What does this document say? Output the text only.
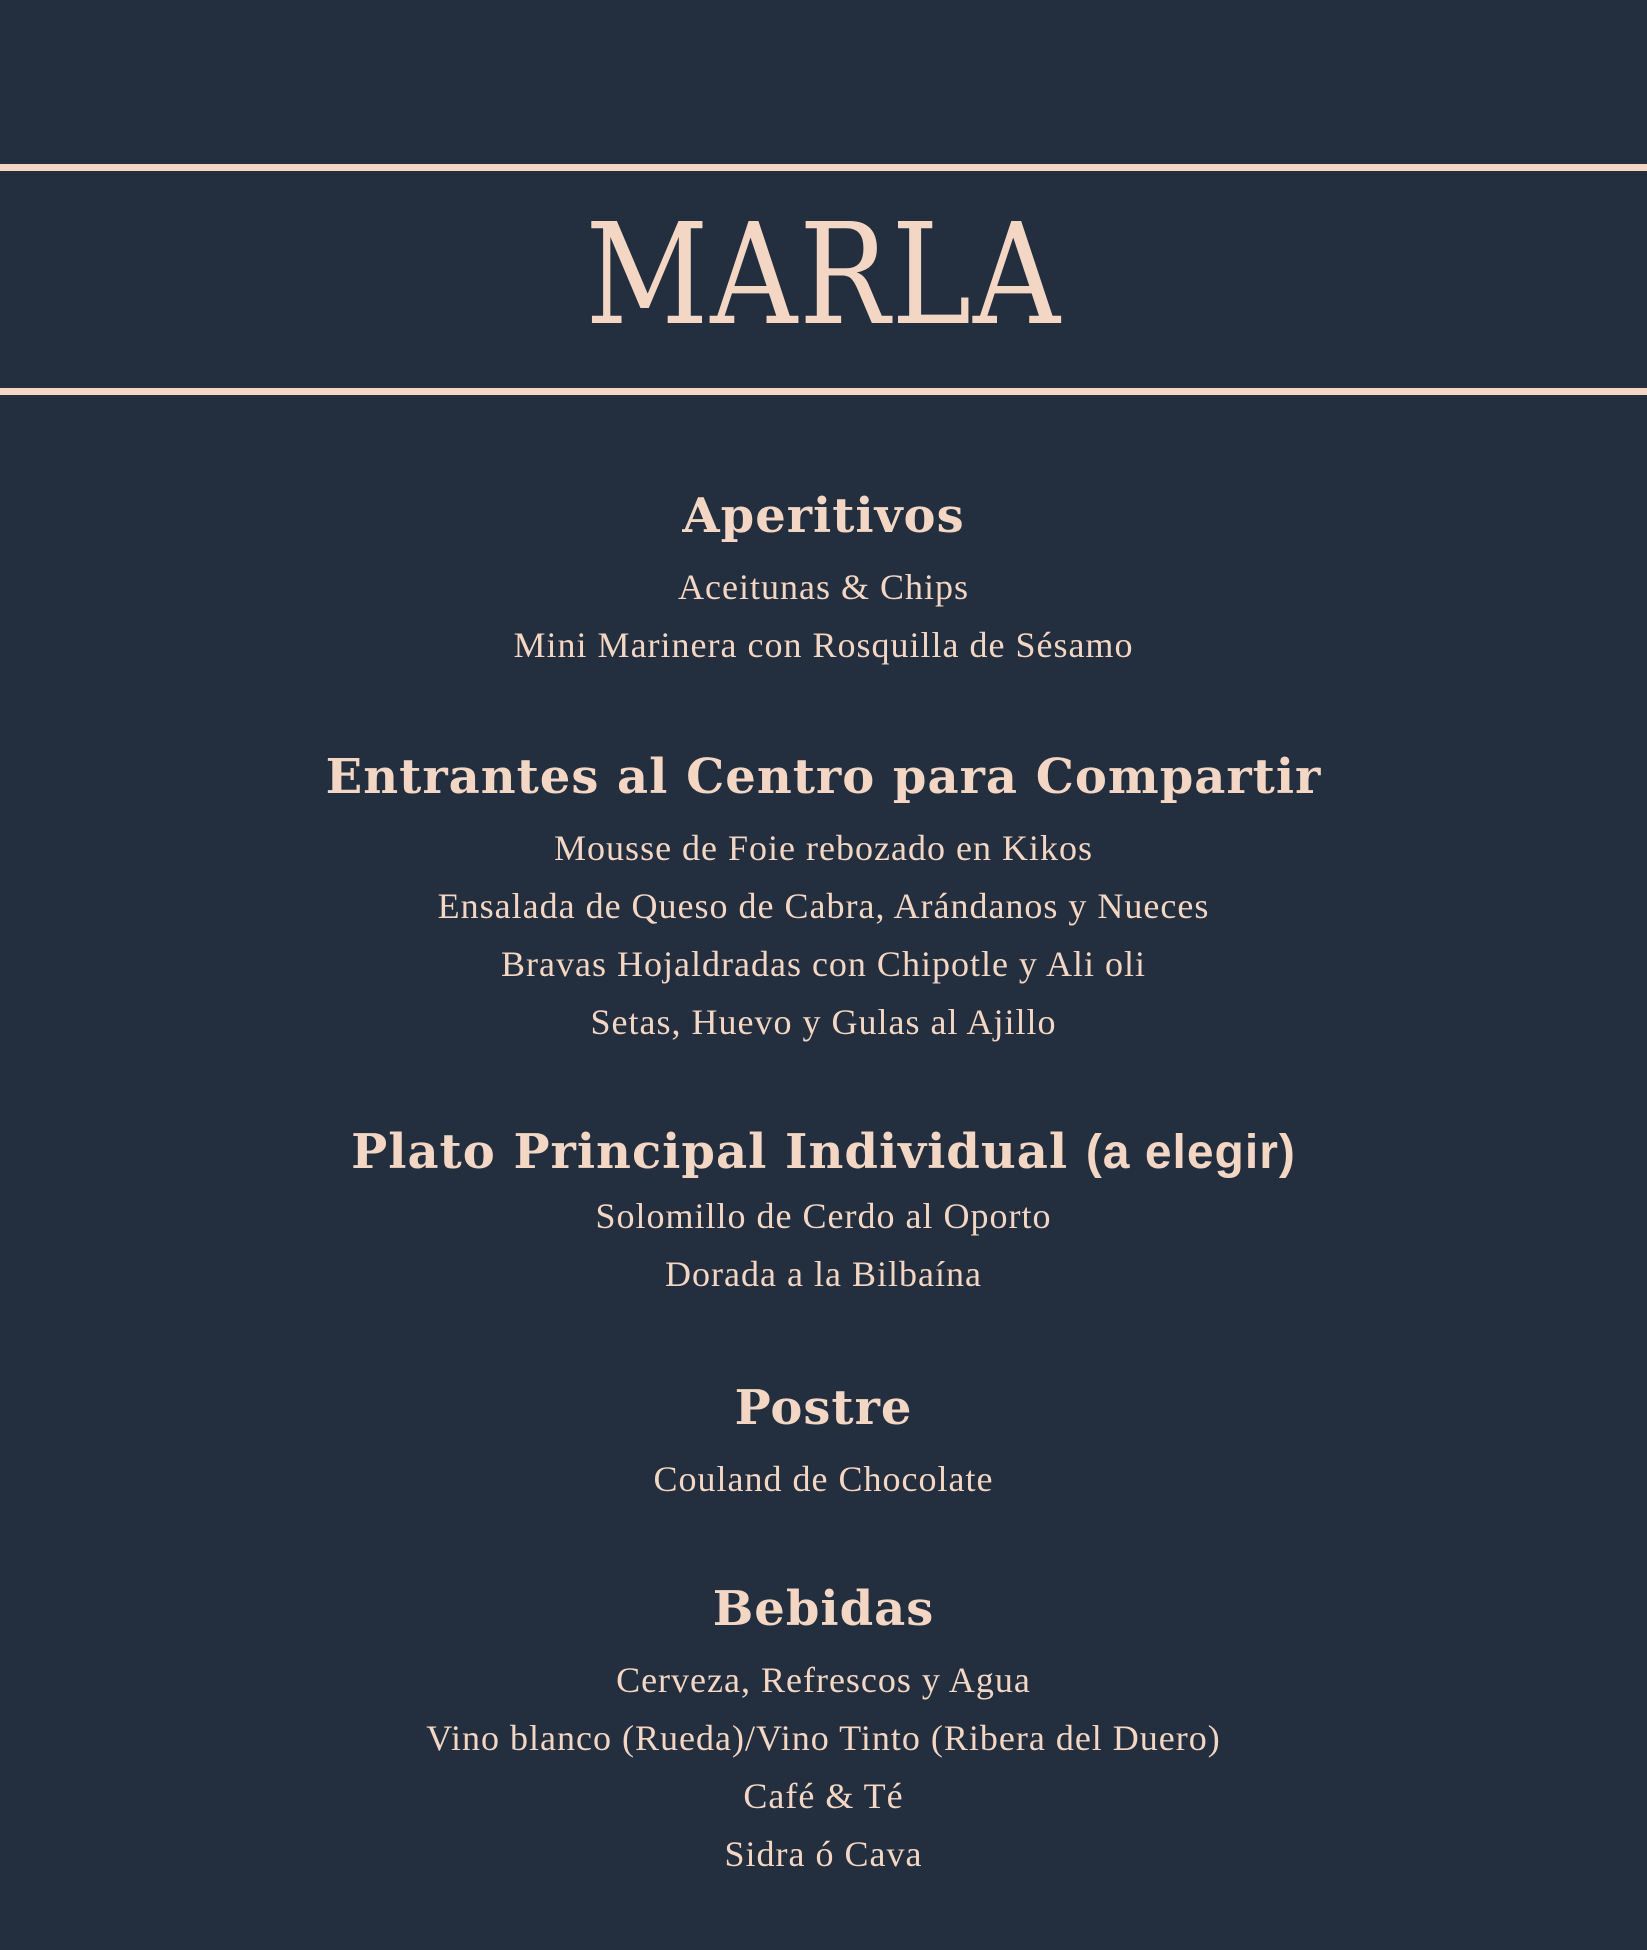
MARLA
Aperitivos
Aceitunas & Chips
Mini Marinera con Rosquilla de Sésamo
Entrantes al Centro para Compartir
Mousse de Foie rebozado en Kikos
Ensalada de Queso de Cabra, Arándanos y Nueces
Bravas Hojaldradas con Chipotle y Ali oli
Setas, Huevo y Gulas al Ajillo
Plato Principal Individual (a elegir)
Solomillo de Cerdo al Oporto
Dorada a la Bilbaína
Postre
Couland de Chocolate
Bebidas
Cerveza, Refrescos y Agua
Vino blanco (Rueda)/Vino Tinto (Ribera del Duero)
Café & Té
Sidra ó Cava
